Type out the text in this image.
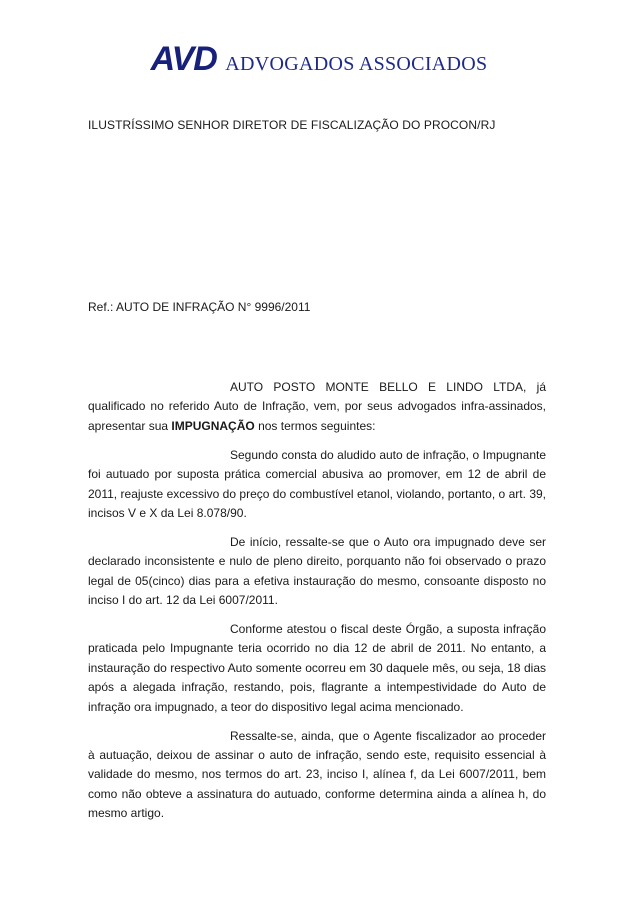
AVD ADVOGADOS ASSOCIADOS
ILUSTRÍSSIMO SENHOR DIRETOR DE FISCALIZAÇÃO DO PROCON/RJ
Ref.: AUTO DE INFRAÇÃO N° 9996/2011

AUTO POSTO MONTE BELLO E LINDO LTDA, já qualificado no referido Auto de Infração, vem, por seus advogados infra-assinados, apresentar sua IMPUGNAÇÃO nos termos seguintes:

Segundo consta do aludido auto de infração, o Impugnante foi autuado por suposta prática comercial abusiva ao promover, em 12 de abril de 2011, reajuste excessivo do preço do combustível etanol, violando, portanto, o art. 39, incisos V e X da Lei 8.078/90.

De início, ressalte-se que o Auto ora impugnado deve ser declarado inconsistente e nulo de pleno direito, porquanto não foi observado o prazo legal de 05(cinco) dias para a efetiva instauração do mesmo, consoante disposto no inciso I do art. 12 da Lei 6007/2011.

Conforme atestou o fiscal deste Órgão, a suposta infração praticada pelo Impugnante teria ocorrido no dia 12 de abril de 2011. No entanto, a instauração do respectivo Auto somente ocorreu em 30 daquele mês, ou seja, 18 dias após a alegada infração, restando, pois, flagrante a intempestividade do Auto de infração ora impugnado, a teor do dispositivo legal acima mencionado.

Ressalte-se, ainda, que o Agente fiscalizador ao proceder à autuação, deixou de assinar o auto de infração, sendo este, requisito essencial à validade do mesmo, nos termos do art. 23, inciso I, alínea f, da Lei 6007/2011, bem como não obteve a assinatura do autuado, conforme determina ainda a alínea h, do mesmo artigo.
